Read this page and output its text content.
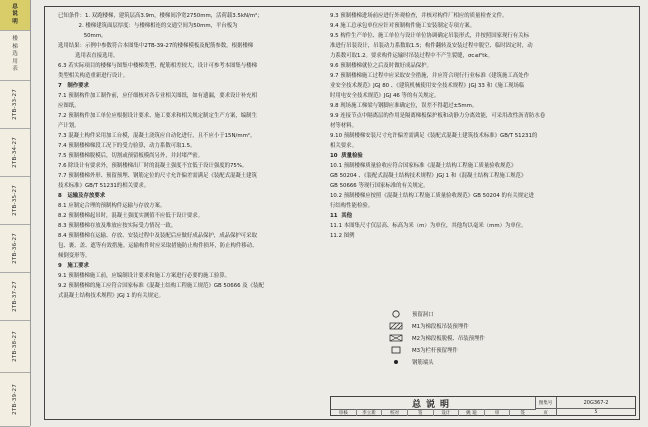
总说明
楼梯选用表
2TB-33-27
2TB-34-27
2TB-35-27
2TB-36-27
2TB-37-27
2TB-38-27
2TB-39-27
已知条件：1. 双跑楼梯，建筑层高3.9m，楼梯间净宽2750mm，活荷载3.5kN/m²；
2. 楼梯建筑面层厚度：与楼梯相连的交通空间为50mm，平台板为
50mm。
选用结果：示例中参数符合本图集中2TB-39-27的楼梯模板及配筋参数，根据楼梯
选用表直接选用。
6.3 若实际项目的楼梯与图集中楼梯类型、配筋相差较大，设计可参考本图集与楼梯
类型相关构造重新进行设计。
7   制作要求
7.1 预制构件加工制作前，应仔细核对各专业相关图纸，如有遗漏，要求设计补充相
应图纸。
7.2 预制构件加工单位应根据设计要求、施工要求和相关规定制定生产方案，编制生
产计划。
7.3 混凝土构件采用加工台模，混凝土浇筑应自动化进行，且不应小于15N/mm²。
7.4 预制楼梯梯段工况下的受力验算，动力系数可取1.5。
7.5 预制楼梯脱模后，切割或预留板模尚另外，并封堵严密。
7.6 除设计有要求外，预制楼梯出厂时的混凝土强度不宜低于设计强度的75%。
7.7 预制楼梯外形、预留预埋、钢筋定位的尺寸允许偏差需满足《装配式混凝土建筑
技术标准》GB/T 51231的相关要求。
8   运输及存放要求
8.1 应制定合理的预制构件运输与存放方案。
8.2 预制楼梯起吊时，混凝土强度实测值不应低于设计要求。
8.3 预制楼梯存放及堆放应按实际受力情况一致。
8.4 预制楼梯在运输、存放、安装过程中及装配后应做好成品保护，成品保护可采取
包、裹、盖、遮等有效措施。运输构件时应采取措施防止构件损坏，防止构件移动、
倾倒变形等。
9   施工要求
9.1 预制楼梯施工前，应编制设计要求和施工方案进行必要的施工验算。
9.2 预制楼梯的施工应符合国家标准《混凝土结构工程施工规范》GB 50666 及《装配
式混凝土结构技术规程》JGJ 1 的有关规定。
9.3 预制楼梯进场前应进行外观检查，并核对构件厂相应的质量检查文件。
9.4 施工总承包单位应针对预制构件施工安装制定专项方案。
9.5 构件生产单位、施工单位与设计单位协调确定吊装形式，并按照国家现行有关标
准进行吊装设计，吊装动力系数取1.5；构件翻转及安装过程中脱空、临时固定时，动
力系数可取1.2。要求构件运输时吊装过程中不产生裂缝，σc≤f'tk。
9.6 预制楼梯就位之后及时做好成品保护。
9.7 预制楼梯施工过程中应采取安全措施，并应符合现行行业标准《建筑施工高处作
业安全技术规范》JGJ 80 、《建筑机械使用安全技术规程》JGJ 33 和《施工现场临
时用电安全技术规范》JGJ 46 等的有关规定。
9.8 现场施工梯梁与钢脚应准确定位，误差不得超过±5mm。
9.9 连接节点中隔离层的作用是隔离梯板保护板和动静力分离效能，可采用改性沥青防水卷
材等材料。
9.10 预制楼梯安装尺寸允许偏差需满足《装配式混凝土建筑技术标准》GB/T 51231的
相关要求。
10  质量检验
10.1 预制楼梯质量验收应符合国家标准《混凝土结构工程施工质量验收规范》
GB 50204 、《装配式混凝土结构技术规程》JGJ 1 和《混凝土结构工程施工规范》
GB 50666 等现行国家标准的有关规定。
10.2 预制楼梯应按照《混凝土结构工程施工质量验收规范》GB 50204 的有关规定进
行结构性能检验。
11  其他
11.1 本图集尺寸仅层高、标高为米（m）为单位，其他均以毫米（mm）为单位。
11.2 图例
预留洞口
M1为梯段板吊装预埋件
M2为梯段板脱模、吊装预埋件
M3为栏杆预留埋件
钢筋端头
总说明	图集号	20G367-2
页	5
审核	李立新	校对	签	设计	姚 迪	审	签
